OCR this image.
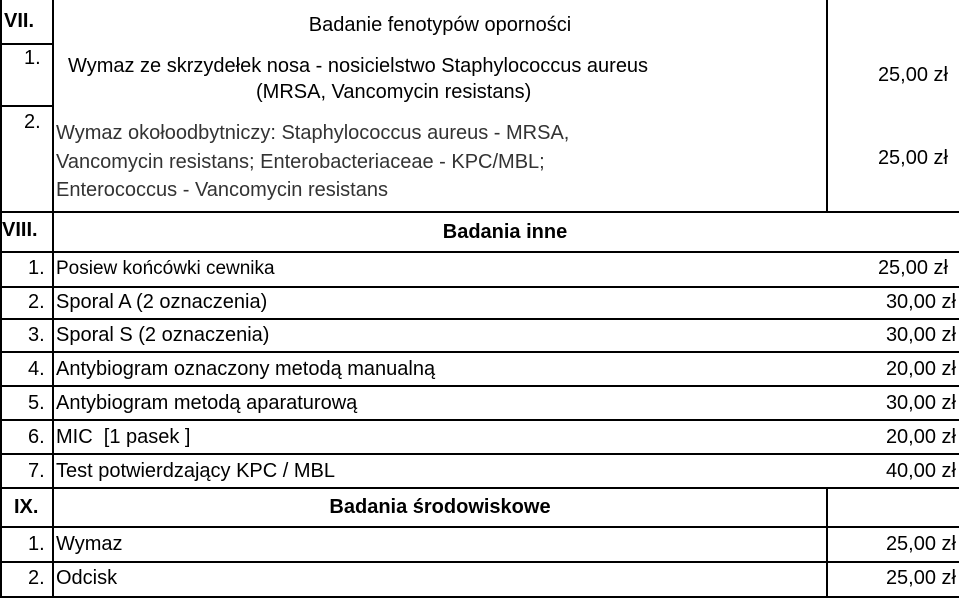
VII.	Badanie fenotypów oporności
1. Wymaz ze skrzydełek nosa - nosicielstwo Staphylococcus aureus
(MRSA, Vancomycin resistans)
25,00 zł
2. Wymaz okołoodbytniczy: Staphylococcus aureus - MRSA,
Vancomycin resistans; Enterobacteriaceae - KPC/MBL;
Enterococcus - Vancomycin resistans
25,00 zł
VIII.	Badania inne
1. Posiew końcówki cewnika	25,00 zł
2. Sporal A (2 oznaczenia)	30,00 zł
3. Sporal S (2 oznaczenia)	30,00 zł
4. Antybiogram oznaczony metodą manualną	20,00 zł
5. Antybiogram metodą aparaturową	30,00 zł
6. MIC  [1 pasek ]	20,00 zł
7. Test potwierdzający KPC / MBL	40,00 zł
IX.	Badania środowiskowe
1. Wymaz	25,00 zł
2. Odcisk	25,00 zł
